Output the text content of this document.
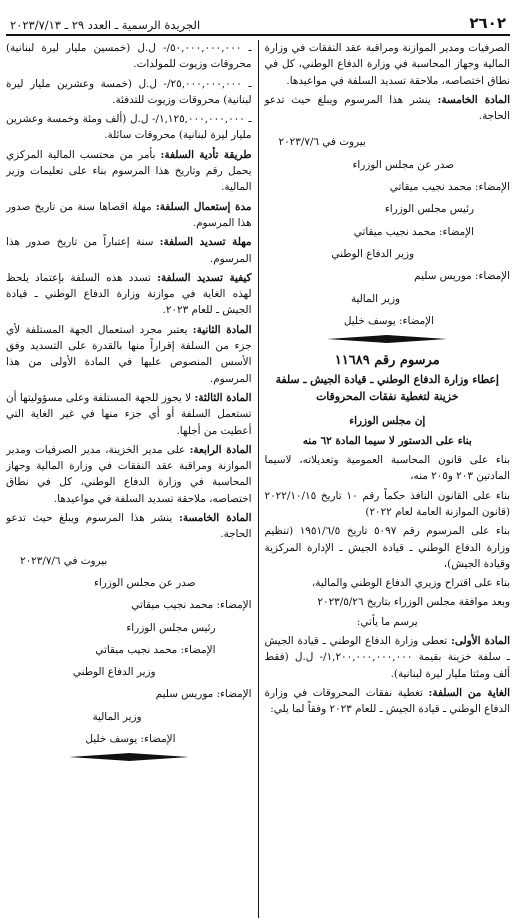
٢٦٠٢
الجريدة الرسمية ـ العدد ٢٩ ـ ٢٠٢٣/٧/١٣

الصرفيات ومدير الموازنة ومراقبة عقد النفقات في وزارة المالية وجهاز المحاسبة في وزارة الدفاع الوطني، كل في نطاق اختصاصه، ملاحقة تسديد السلفة في مواعيدها.

المادة الخامسة: ينشر هذا المرسوم ويبلغ حيث تدعو الحاجة.

بيروت في ٢٠٢٣/٧/٦
صدر عن مجلس الوزراء
الإمضاء: محمد نجيب ميقاتي
رئيس مجلس الوزراء
الإمضاء: محمد نجيب ميقاتي
وزير الدفاع الوطني
الإمضاء: موريس سليم
وزير المالية
الإمضاء: يوسف خليل
مرسوم رقم ١١٦٨٩
إعطاء وزارة الدفاع الوطني ـ قيادة الجيش ـ سلفة خزينة لتغطية نفقات المحروقات

إن مجلس الوزراء

بناء على الدستور لا سيما المادة ٦٢ منه

بناء على قانون المحاسبة العمومية وتعديلاته، لاسيما المادتين ٢٠٣ و٢٠٥ منه،

بناء على القانون النافذ حكماً رقم ١٠ تاريخ ٢٠٢٢/١٠/١٥ (قانون الموازنة العامة لعام ٢٠٢٢)

بناء على المرسوم رقم ٥٠٩٧ تاريخ ١٩٥١/٦/٥ (تنظيم وزارة الدفاع الوطني ـ قيادة الجيش ـ الإدارة المركزية وقيادة الجيش)،

بناء على اقتراح وزيري الدفاع الوطني والمالية،

وبعد موافقة مجلس الوزراء بتاريخ ٢٠٢٣/٥/٢٦

يرسم ما يأتي:

المادة الأولى: تعطى وزارة الدفاع الوطني ـ قيادة الجيش ـ سلفة خزينة بقيمة ١,٢٠٠,٠٠٠,٠٠٠,٠٠٠/- ل.ل (فقط ألف ومئتا مليار ليرة لبنانية).

الغاية من السلفة: تغطية نفقات المحروقات في وزارة الدفاع الوطني ـ قيادة الجيش ـ للعام ٢٠٢٣ وفقاً لما يلي:

ـ ٥٠,٠٠٠,٠٠٠,٠٠٠/- ل.ل (خمسين مليار ليرة لبنانية) محروقات وزيوت للمولدات.

ـ ٢٥,٠٠٠,٠٠٠,٠٠٠/- ل.ل (خمسة وعشرين مليار ليرة لبنانية) محروقات وزيوت للتدفئة.

ـ ١,١٢٥,٠٠٠,٠٠٠,٠٠٠/- ل.ل (ألف ومئة وخمسة وعشرين مليار ليرة لبنانية) محروقات سائلة.

طريقة تأدية السلفة: بأمر من محتسب المالية المركزي يحمل رقم وتاريخ هذا المرسوم بناء على تعليمات وزير المالية.

مدة إستعمال السلفة: مهلة اقصاها سنة من تاريخ صدور هذا المرسوم.

مهلة تسديد السلفة: سنة إعتباراً من تاريخ صدور هذا المرسوم.

كيفية تسديد السلفة: تسدد هذه السلفة بإعتماد يلحظ لهذه الغاية في موازنة وزارة الدفاع الوطني ـ قيادة الجيش ـ للعام ٢٠٢٣.

المادة الثانية: يعتبر مجرد استعمال الجهة المستلفة لأي جزء من السلفة إقراراً منها بالقدرة على التسديد وفق الأسس المنصوص عليها في المادة الأولى من هذا المرسوم.

المادة الثالثة: لا يجوز للجهة المستلفة وعلى مسؤوليتها أن تستعمل السلفة أو أي جزء منها في غير الغاية التي أعطيت من أجلها.

المادة الرابعة: على مدير الخزينة، مدير الصرفيات ومدير الموازنة ومراقبة عقد النفقات في وزارة المالية وجهاز المحاسبة في وزارة الدفاع الوطني، كل في نطاق اختصاصه، ملاحقة تسديد السلفة في مواعيدها.

المادة الخامسة: ينشر هذا المرسوم ويبلغ حيث تدعو الحاجة.

بيروت في ٢٠٢٣/٧/٦
صدر عن مجلس الوزراء
الإمضاء: محمد نجيب ميقاتي
رئيس مجلس الوزراء
الإمضاء: محمد نجيب ميقاتي
وزير الدفاع الوطني
الإمضاء: موريس سليم
وزير المالية
الإمضاء: يوسف خليل
